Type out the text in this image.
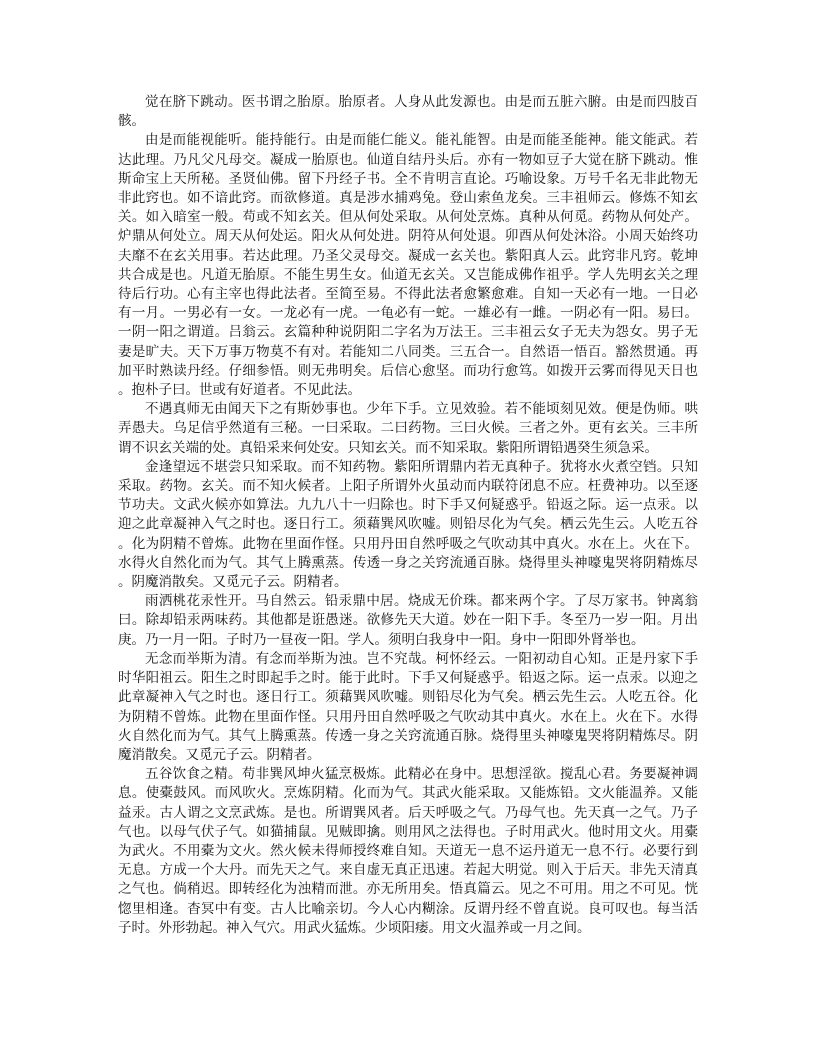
觉在脐下跳动。医书谓之胎原。胎原者。人身从此发源也。由是而五脏六腑。由是而四肢百骸。

由是而能视能听。能持能行。由是而能仁能义。能礼能智。由是而能圣能神。能文能武。若达此理。乃凡父凡母交。凝成一胎原也。仙道自结丹头后。亦有一物如豆子大觉在脐下跳动。惟斯命宝上天所秘。圣贤仙佛。留下丹经子书。全不肯明言直论。巧喻设象。万号千名无非此物无非此窍也。如不谙此窍。而欲修道。真是涉水捕鸡兔。登山索鱼龙矣。三丰祖师云。修炼不知玄关。如入暗室一般。苟或不知玄关。但从何处采取。从何处烹炼。真种从何觅。药物从何处产。炉鼎从何处立。周天从何处运。阳火从何处进。阴符从何处退。卯酉从何处沐浴。小周天始终功夫靡不在玄关用事。若达此理。乃圣父灵母交。凝成一玄关也。紫阳真人云。此窍非凡窍。乾坤共合成是也。凡道无胎原。不能生男生女。仙道无玄关。又岂能成佛作祖乎。学人先明玄关之理待后行功。心有主宰也得此法者。至简至易。不得此法者愈繁愈难。自知一天必有一地。一日必有一月。一男必有一女。一龙必有一虎。一龟必有一蛇。一雄必有一雌。一阴必有一阳。易曰。一阴一阳之谓道。吕翁云。玄篇种种说阴阳二字名为万法王。三丰祖云女子无夫为怨女。男子无妻是旷夫。天下万事万物莫不有对。若能知二八同类。三五合一。自然语一悟百。豁然贯通。再加平时熟读丹经。仔细参悟。则无弗明矣。后信心愈坚。而功行愈笃。如拨开云雾而得见天日也。抱朴子曰。世或有好道者。不见此法。

不遇真师无由闻天下之有斯妙事也。少年下手。立见效验。若不能顷刻见效。便是伪师。哄弄愚夫。乌足信乎然道有三秘。一曰采取。二曰药物。三曰火候。三者之外。更有玄关。三丰所谓不识玄关端的处。真铅采来何处安。只知玄关。而不知采取。紫阳所谓铅遇癸生须急采。

金逢望远不堪尝只知采取。而不知药物。紫阳所谓鼎内若无真种子。犹将水火煮空铛。只知采取。药物。玄关。而不知火候者。上阳子所谓外火虽动而内联符闭息不应。枉费神功。以至逐节功夫。文武火候亦如算法。九九八十一归除也。时下手又何疑惑乎。铅返之际。运一点汞。以迎之此章凝神入气之时也。逐日行工。须藉巽风吹嘘。则铅尽化为气矣。栖云先生云。人吃五谷。化为阴精不曾炼。此物在里面作怪。只用丹田自然呼吸之气吹动其中真火。水在上。火在下。水得火自然化而为气。其气上腾熏蒸。传透一身之关窍流通百脉。烧得里头神嚎鬼哭将阴精炼尽。阴魔消散矣。又觅元子云。阴精者。

雨洒桃花汞性开。马自然云。铅汞鼎中居。烧成无价珠。都来两个字。了尽万家书。钟离翁曰。除却铅汞两味药。其他都是诳愚迷。欲修先天大道。妙在一阳下手。冬至乃一岁一阳。月出庚。乃一月一阳。子时乃一昼夜一阳。学人。须明白我身中一阳。身中一阳即外肾举也。

无念而举斯为清。有念而举斯为浊。岂不究哉。柯怀经云。一阳初动自心知。正是丹家下手时华阳祖云。阳生之时即起手之时。能于此时。下手又何疑惑乎。铅返之际。运一点汞。以迎之此章凝神入气之时也。逐日行工。须藉巽风吹嘘。则铅尽化为气矣。栖云先生云。人吃五谷。化为阴精不曾炼。此物在里面作怪。只用丹田自然呼吸之气吹动其中真火。水在上。火在下。水得火自然化而为气。其气上腾熏蒸。传透一身之关窍流通百脉。烧得里头神嚎鬼哭将阴精炼尽。阴魔消散矣。又觅元子云。阴精者。

五谷饮食之精。苟非巽风坤火猛烹极炼。此精必在身中。思想淫欲。搅乱心君。务要凝神调息。使橐鼓风。而风吹火。烹炼阴精。化而为气。其武火能采取。又能炼铅。文火能温养。又能益汞。古人谓之文烹武炼。是也。所谓巽风者。后天呼吸之气。乃母气也。先天真一之气。乃子气也。以母气伏子气。如猫捕鼠。见贼即擒。则用风之法得也。子时用武火。他时用文火。用橐为武火。不用橐为文火。然火候未得师授终难自知。天道无一息不运丹道无一息不行。必要行到无息。方成一个大丹。而先天之气。来自虚无真正迅速。若起大明觉。则入于后天。非先天清真之气也。倘稍迟。即转经化为浊精而泄。亦无所用矣。悟真篇云。见之不可用。用之不可见。恍惚里相逢。杳冥中有变。古人比喻亲切。今人心内糊涂。反谓丹经不曾直说。良可叹也。每当活子时。外形勃起。神入气穴。用武火猛炼。少顷阳痿。用文火温养或一月之间。
